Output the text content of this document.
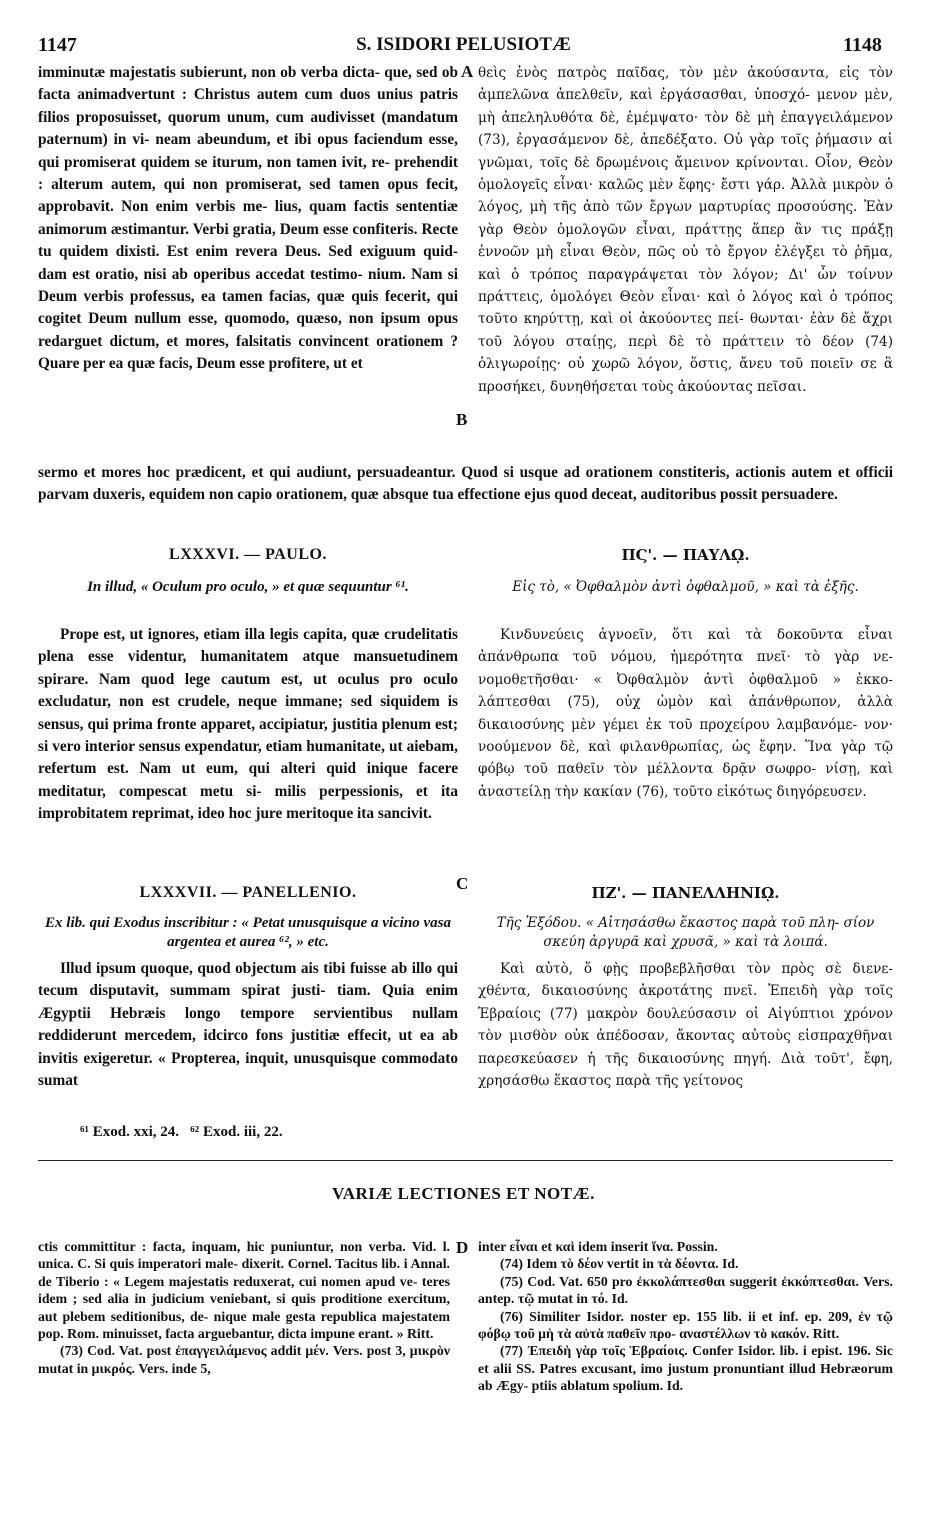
1147	S. ISIDORI PELUSIOTÆ	1148

imminutæ majestatis subierunt, non ob verba dicta- que, sed ob facta animadvertunt : Christus autem cum duos unius patris filios proposuisset, quorum unum, cum audivisset (mandatum paternum) in vi- neam abeundum, et ibi opus faciendum esse, qui promiserat quidem se iturum, non tamen ivit, re- prehendit : alterum autem, qui non promiserat, sed tamen opus fecit, approbavit. Non enim verbis me- lius, quam factis sententiæ animorum æstimantur. Verbi gratia, Deum esse confiteris. Recte tu quidem dixisti. Est enim revera Deus. Sed exiguum quid- dam est oratio, nisi ab operibus accedat testimo- nium. Nam si Deum verbis professus, ea tamen facias, quæ quis fecerit, qui cogitet Deum nullum esse, quomodo, quæso, non ipsum opus redarguet dictum, et mores, falsitatis convincent orationem ? Quare per ea quæ facis, Deum esse profitere, ut et

A
B

θεὶς ἑνὸς πατρὸς παῖδας, τὸν μὲν ἀκούσαντα, εἰς τὸν ἀμπελῶνα ἀπελθεῖν, καὶ ἐργάσασθαι, ὑποσχό- μενον μὲν, μὴ ἀπεληλυθότα δὲ, ἐμέμψατο· τὸν δὲ μὴ ἐπαγγειλάμενον (73), ἐργασάμενον δὲ, ἀπεδέξατο. Οὐ γὰρ τοῖς ῥήμασιν αἱ γνῶμαι, τοῖς δὲ δρωμένοις ἄμεινον κρίνονται. Οἷον, Θεὸν ὁμολογεῖς εἶναι· καλῶς μὲν ἔφης· ἔστι γάρ. Ἀλλὰ μικρὸν ὁ λόγος, μὴ τῆς ἀπὸ τῶν ἔργων μαρτυρίας προσούσης. Ἐὰν γὰρ Θεὸν ὁμολογῶν εἶναι, πράττῃς ἅπερ ἂν τις πράξῃ ἐννοῶν μὴ εἶναι Θεὸν, πῶς οὐ τὸ ἔργον ἐλέγξει τὸ ῥῆμα, καὶ ὁ τρόπος παραγράψεται τὸν λόγον; Δι' ὧν τοίνυν πράττεις, ὁμολόγει Θεὸν εἶναι· καὶ ὁ λόγος καὶ ὁ τρόπος τοῦτο κηρύττῃ, καὶ οἱ ἀκούοντες πεί- θωνται· ἐὰν δὲ ἄχρι τοῦ λόγου σταίῃς, περὶ δὲ τὸ πράττειν τὸ δέον (74) ὀλιγωροίῃς· οὐ χωρῶ λόγον, ὅστις, ἄνευ τοῦ ποιεῖν σε ἃ προσήκει, δυνηθήσεται τοὺς ἀκούοντας πεῖσαι.

sermo et mores hoc prædicent, et qui audiunt, persuadeantur. Quod si usque ad orationem constiteris, actionis autem et officii parvam duxeris, equidem non capio orationem, quæ absque tua effectione ejus quod deceat, auditoribus possit persuadere.

LXXXVI. — PAULO.
In illud, « Oculum pro oculo, » et quæ sequuntur ⁶¹.

Prope est, ut ignores, etiam illa legis capita, quæ crudelitatis plena esse videntur, humanitatem atque mansuetudinem spirare. Nam quod lege cautum est, ut oculus pro oculo excludatur, non est crudele, neque immane; sed siquidem is sensus, qui prima fronte apparet, accipiatur, justitia plenum est; si vero interior sensus expendatur, etiam humanitate, ut aiebam, refertum est. Nam ut eum, qui alteri quid inique facere meditatur, compescat metu si- milis perpessionis, et ita improbitatem reprimat, ideo hoc jure meritoque ita sancivit.

ΠϚ'. — ΠΑΥΛῼ.
Εἰς τὸ, « Ὀφθαλμὸν ἀντὶ ὀφθαλμοῦ, » καὶ τὰ ἑξῆς.

Κινδυνεύεις ἀγνοεῖν, ὅτι καὶ τὰ δοκοῦντα εἶναι ἀπάνθρωπα τοῦ νόμου, ἡμερότητα πνεῖ· τὸ γὰρ νε- νομοθετῆσθαι· « Ὀφθαλμὸν ἀντὶ ὀφθαλμοῦ » ἐκκο- λάπτεσθαι (75), οὐχ ὠμὸν καὶ ἀπάνθρωπον, ἀλλὰ δικαιοσύνης μὲν γέμει ἐκ τοῦ προχείρου λαμβανόμε- νον· νοούμενον δὲ, καὶ φιλανθρωπίας, ὡς ἔφην. Ἵνα γὰρ τῷ φόβῳ τοῦ παθεῖν τὸν μέλλοντα δρᾷν σωφρο- νίσῃ, καὶ ἀναστείλῃ τὴν κακίαν (76), τοῦτο εἰκότως διηγόρευσεν.

C
LXXXVII. — PANELLENIO.
Ex lib. qui Exodus inscribitur : « Petat unusquisque a vicino vasa argentea et aurea ⁶², » etc.

Illud ipsum quoque, quod objectum ais tibi fuisse ab illo qui tecum disputavit, summam spirat justi- tiam. Quia enim Ægyptii Hebræis longo tempore servientibus nullam reddiderunt mercedem, idcirco fons justitiæ effecit, ut ea ab invitis exigeretur. « Propterea, inquit, unusquisque commodato sumat

ΠΖ'. — ΠΑΝΕΛΛΗΝΙῼ.
Τῆς Ἐξόδου. « Αἰτησάσθω ἕκαστος παρὰ τοῦ πλη- σίον σκεύη ἀργυρᾶ καὶ χρυσᾶ, » καὶ τὰ λοιπά.

Καὶ αὐτὸ, ὅ φῂς προβεβλῆσθαι τὸν πρὸς σὲ διενε- χθέντα, δικαιοσύνης ἀκροτάτης πνεῖ. Ἐπειδὴ γὰρ τοῖς Ἑβραίοις (77) μακρὸν δουλεύσασιν οἱ Αἰγύπτιοι χρόνον τὸν μισθὸν οὐκ ἀπέδοσαν, ἄκοντας αὐτοὺς εἰσπραχθῆναι παρεσκεύασεν ἡ τῆς δικαιοσύνης πηγή. Διὰ τοῦτ', ἔφη, χρησάσθω ἕκαστος παρὰ τῆς γείτονος

⁶¹ Exod. xxi, 24.   ⁶² Exod. iii, 22.
VARIÆ LECTIONES ET NOTÆ.

ctis committitur : facta, inquam, hic puniuntur, non verba. Vid. l. unica. C. Si quis imperatori male- dixerit. Cornel. Tacitus lib. i Annal. de Tiberio : « Legem majestatis reduxerat, cui nomen apud ve- teres idem ; sed alia in judicium veniebant, si quis proditione exercitum, aut plebem seditionibus, de- nique male gesta republica majestatem pop. Rom. minuisset, facta arguebantur, dicta impune erant. » Ritt.

(73) Cod. Vat. post ἐπαγγειλάμενος addit μέν. Vers. post 3, μικρὸν mutat in μικρός. Vers. inde 5,

D inter εἶναι et καὶ idem inserit ἵνα. Possin.

(74) Idem τὸ δέον vertit in τὰ δέοντα. Id.

(75) Cod. Vat. 650 pro ἐκκολάπτεσθαι suggerit ἐκκόπτεσθαι. Vers. antep. τῷ mutat in τό. Id.

(76) Similiter Isidor. noster ep. 155 lib. ii et inf. ep. 209, ἐν τῷ φόβῳ τοῦ μὴ τὰ αὐτὰ παθεῖν προ- αναστέλλων τὸ κακόν. Ritt.

(77) Ἐπειδὴ γὰρ τοῖς Ἑβραίοις. Confer Isidor. lib. i epist. 196. Sic et alii SS. Patres excusant, imo justum pronuntiant illud Hebræorum ab Ægy- ptiis ablatum spolium. Id.
